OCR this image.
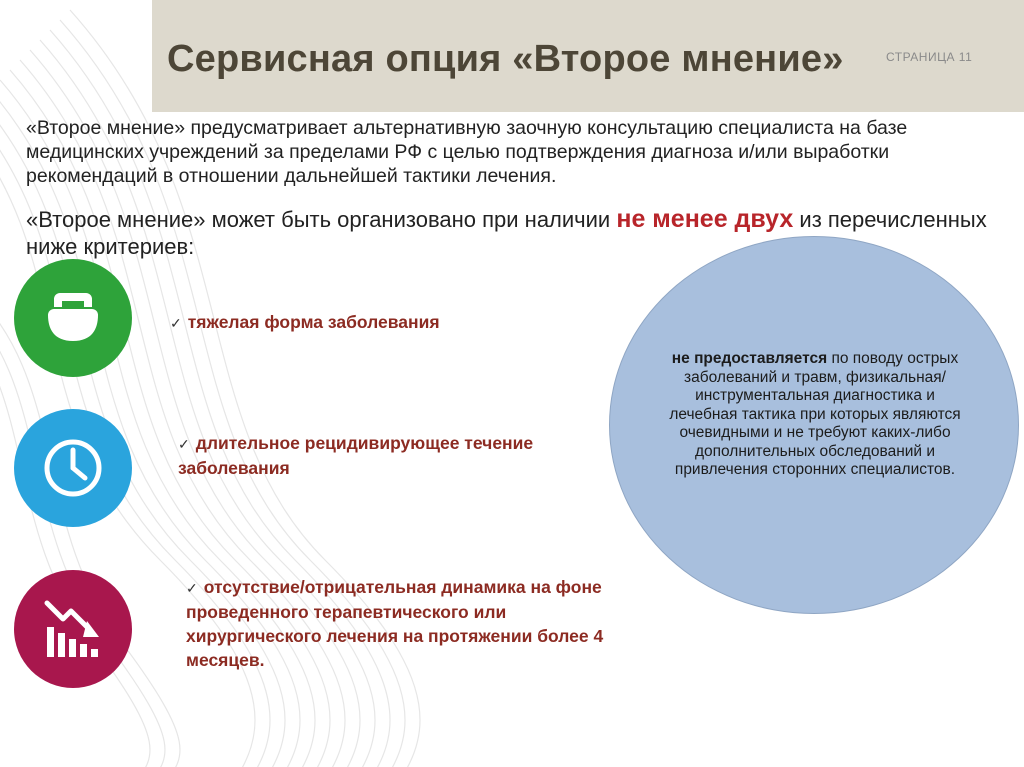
Сервисная опция «Второе мнение»	СТРАНИЦА 11
«Второе мнение» предусматривает альтернативную заочную консультацию специалиста на базе медицинских учреждений за пределами РФ с целью подтверждения диагноза и/или выработки рекомендаций в отношении дальнейшей тактики лечения.
«Второе мнение» может быть организовано при наличии не менее двух из перечисленных ниже критериев:
✓ тяжелая форма заболевания
✓ длительное рецидивирующее течение заболевания
✓ отсутствие/отрицательная динамика на фоне проведенного терапевтического или хирургического лечения на протяжении более 4 месяцев.
не предоставляется по поводу острых заболеваний и травм, физикальная/инструментальная диагностика и лечебная тактика при которых являются очевидными и не требуют каких-либо дополнительных обследований и привлечения сторонних специалистов.
